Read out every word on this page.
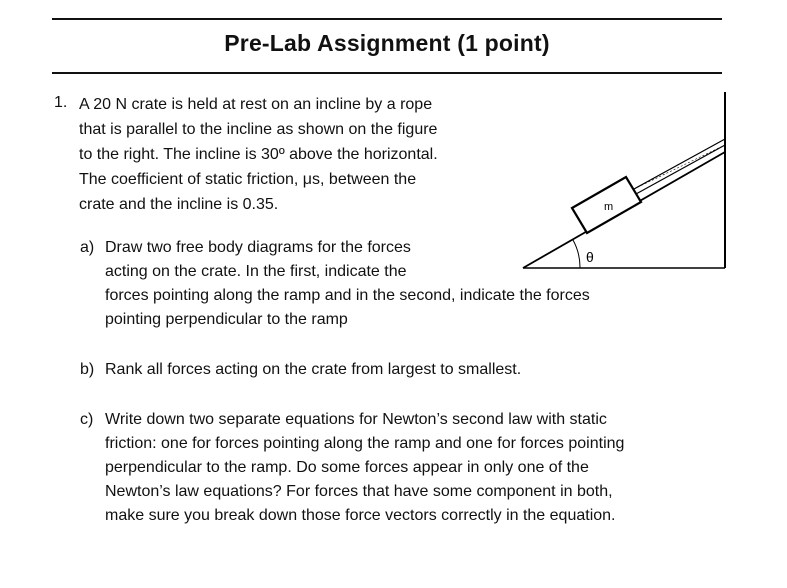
Pre-Lab Assignment (1 point)
1. A 20 N crate is held at rest on an incline by a rope
that is parallel to the incline as shown on the figure
to the right. The incline is 30º above the horizontal.
The coefficient of static friction, μs, between the
crate and the incline is 0.35.	m
θ
a) Draw two free body diagrams for the forces
acting on the crate. In the first, indicate the
forces pointing along the ramp and in the second, indicate the forces
pointing perpendicular to the ramp
b) Rank all forces acting on the crate from largest to smallest.
c) Write down two separate equations for Newton’s second law with static
friction: one for forces pointing along the ramp and one for forces pointing
perpendicular to the ramp. Do some forces appear in only one of the
Newton’s law equations? For forces that have some component in both,
make sure you break down those force vectors correctly in the equation.
